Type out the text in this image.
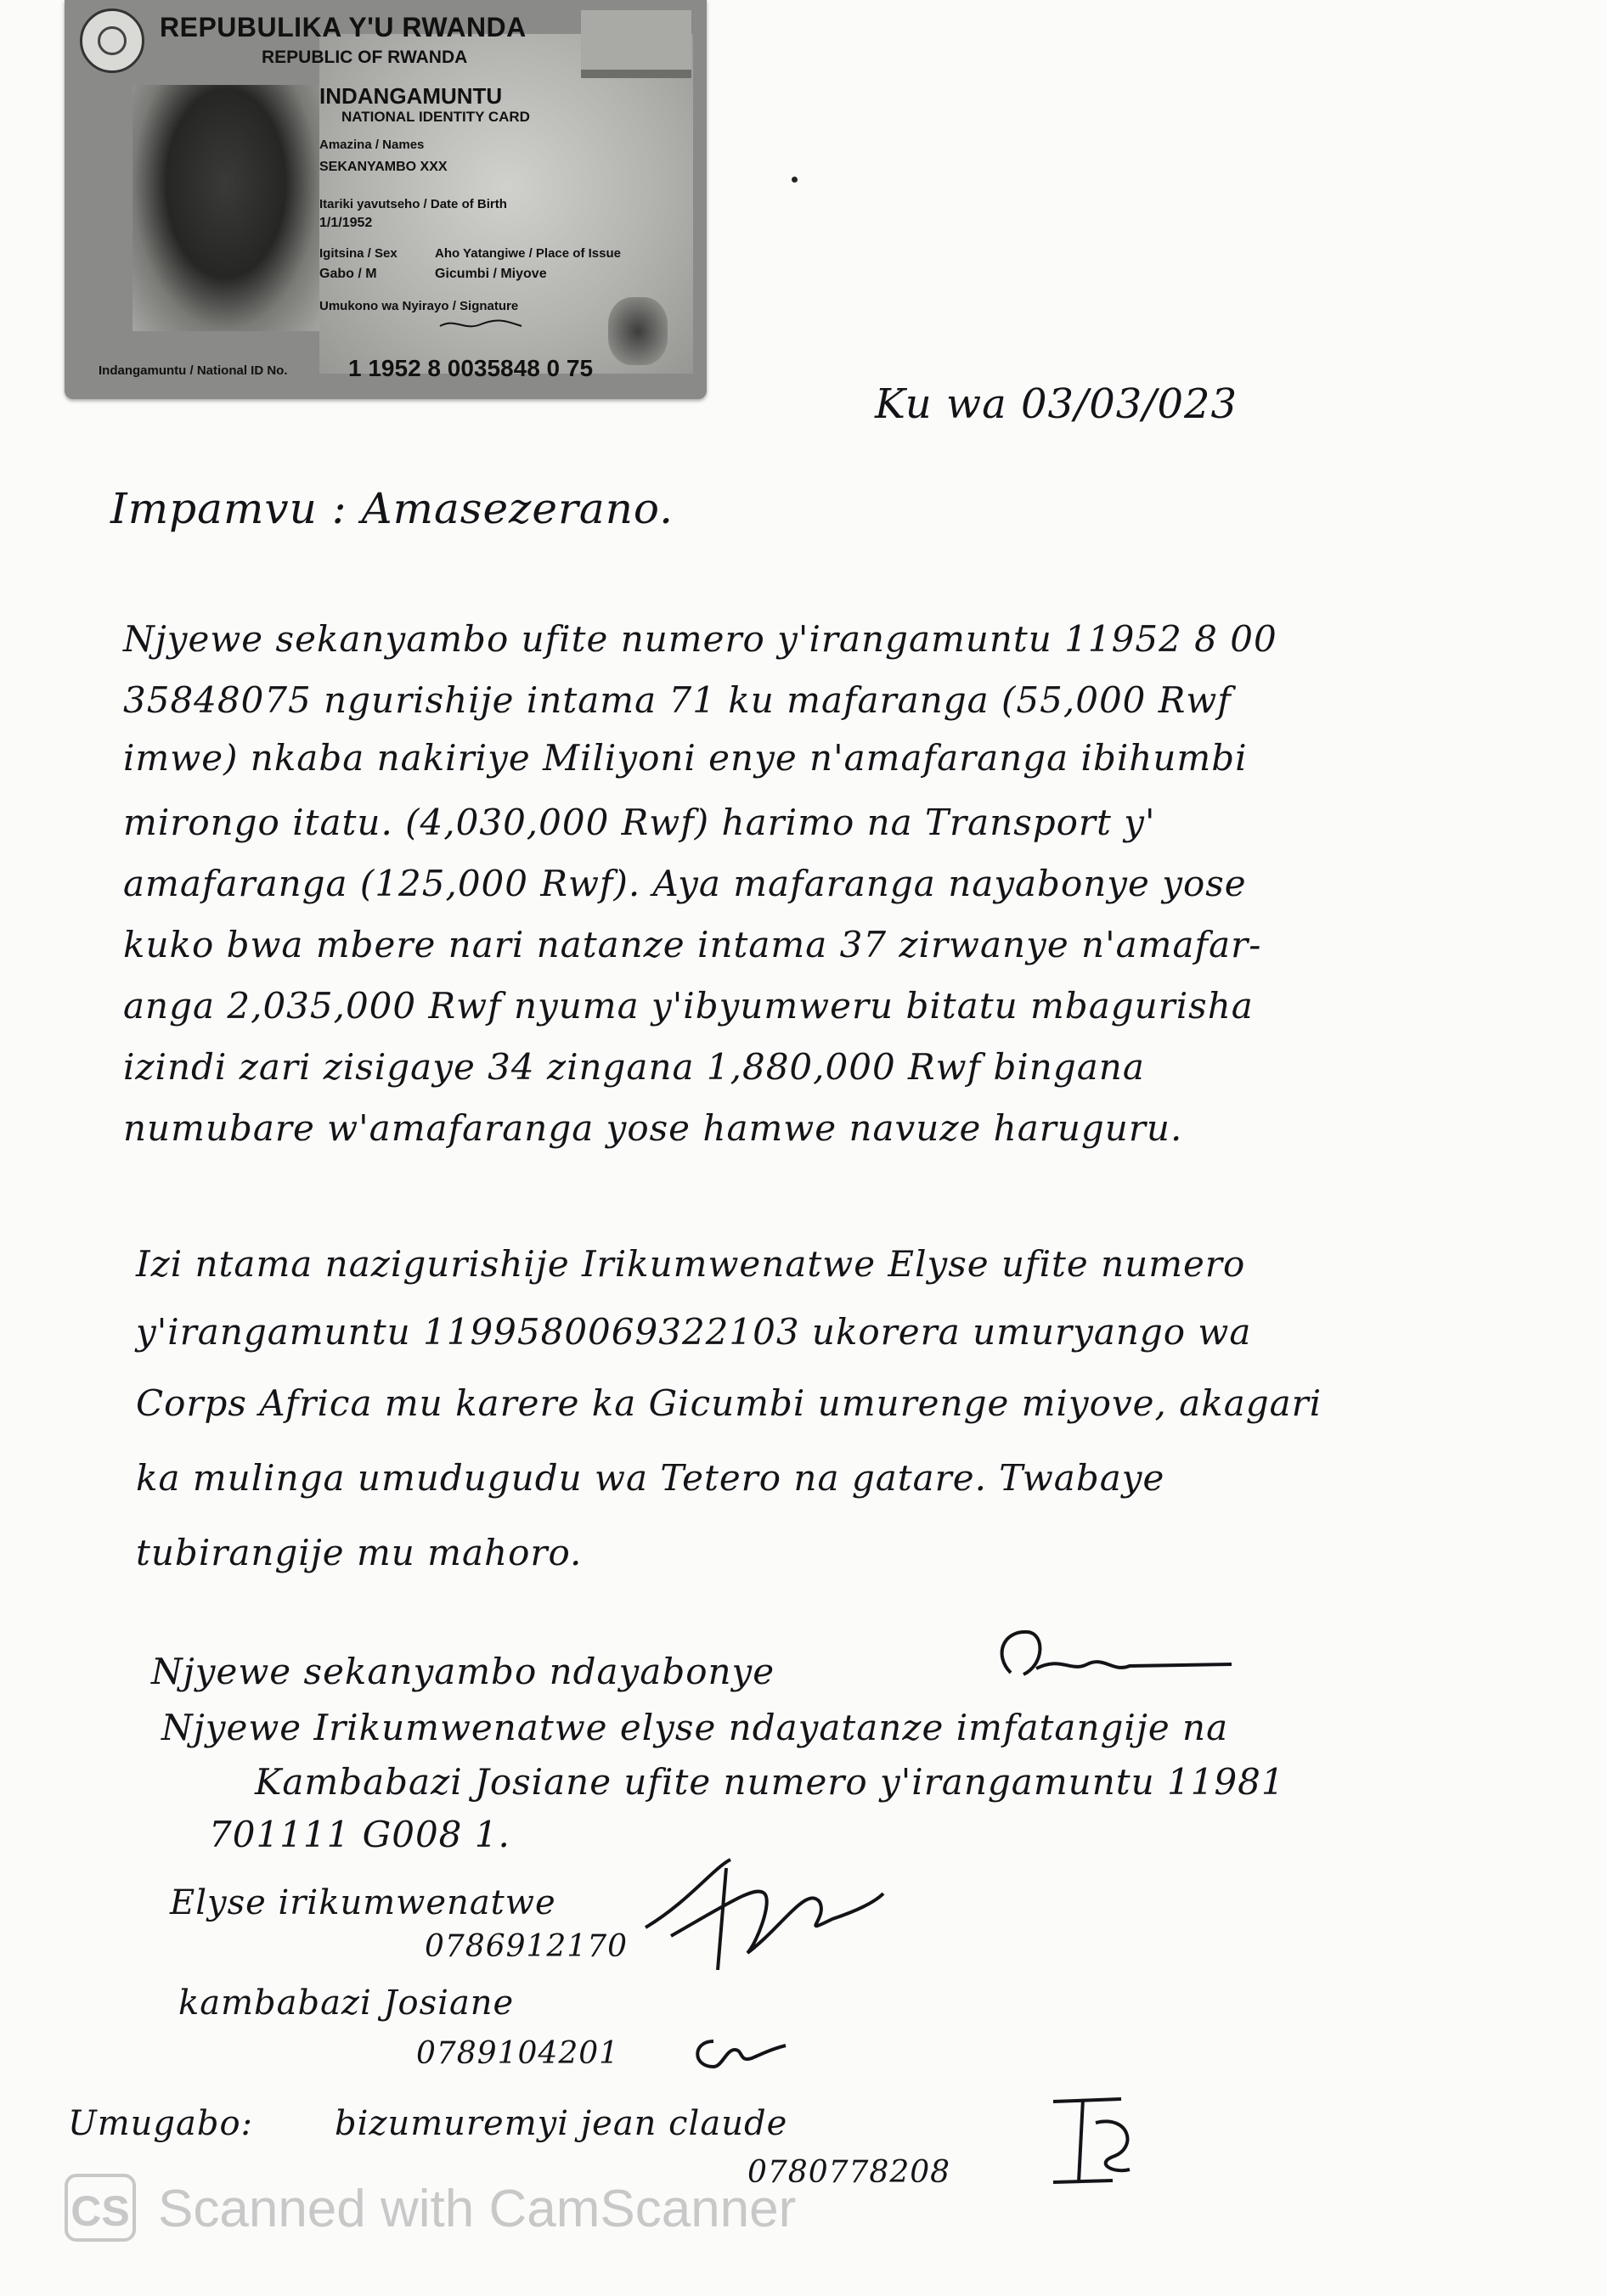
REPUBULIKA Y'U RWANDA
REPUBLIC OF RWANDA
INDANGAMUNTU
NATIONAL IDENTITY CARD
Amazina / Names
SEKANYAMBO XXX
Itariki yavutseho / Date of Birth
1/1/1952
Igitsina / Sex
Gabo / M
Aho Yatangiwe / Place of Issue
Gicumbi / Miyove
Umukono wa Nyirayo / Signature
Indangamuntu / National ID No.	1 1952 8 0035848 0 75
Ku wa 03/03/023
Impamvu : Amasezerano.
Njyewe sekanyambo ufite numero y'irangamuntu 11952 8 00
35848075 ngurishije intama 71 ku mafaranga (55,000 Rwf
imwe) nkaba nakiriye Miliyoni enye n'amafaranga ibihumbi
mirongo itatu. (4,030,000 Rwf) harimo na Transport y'
amafaranga (125,000 Rwf). Aya mafaranga nayabonye yose
kuko bwa mbere nari natanze intama 37 zirwanye n'amafar-
anga 2,035,000 Rwf nyuma y'ibyumweru bitatu mbagurisha
izindi zari zisigaye 34 zingana 1,880,000 Rwf bingana
numubare w'amafaranga yose hamwe navuze haruguru.
Izi ntama nazigurishije Irikumwenatwe Elyse ufite numero
y'irangamuntu 1199580069322103 ukorera umuryango wa
Corps Africa mu karere ka Gicumbi umurenge miyove, akagari
ka mulinga umudugudu wa Tetero na gatare. Twabaye
tubirangije mu mahoro.
Njyewe sekanyambo ndayabonye
Njyewe Irikumwenatwe elyse ndayatanze imfatangije na
Kambabazi Josiane ufite numero y'irangamuntu 11981
701111 G008 1.
Elyse irikumwenatwe
0786912170
kambabazi Josiane
0789104201
Umugabo: bizumuremyi jean claude
0780778208
CS Scanned with CamScanner
